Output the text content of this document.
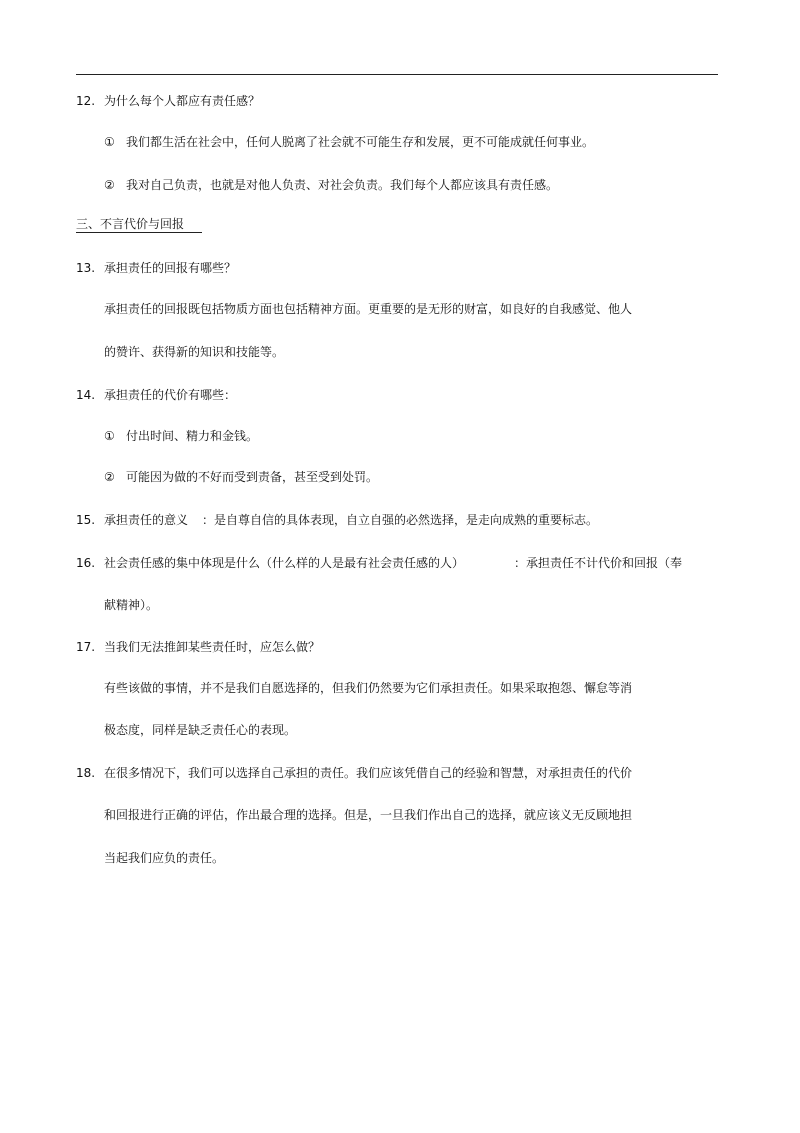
12. 为什么每个人都应有责任感？
① 我们都生活在社会中，任何人脱离了社会就不可能生存和发展，更不可能成就任何事业。
② 我对自己负责，也就是对他人负责、对社会负责。我们每个人都应该具有责任感。
三、不言代价与回报
13. 承担责任的回报有哪些？
承担责任的回报既包括物质方面也包括精神方面。更重要的是无形的财富，如良好的自我感觉、他人
的赞许、获得新的知识和技能等。
14. 承担责任的代价有哪些：
① 付出时间、精力和金钱。
② 可能因为做的不好而受到责备，甚至受到处罚。
15. 承担责任的意义 ：是自尊自信的具体表现，自立自强的必然选择，是走向成熟的重要标志。
16. 社会责任感的集中体现是什么（什么样的人是最有社会责任感的人）	：承担责任不计代价和回报（奉
献精神）。
17. 当我们无法推卸某些责任时，应怎么做？
有些该做的事情，并不是我们自愿选择的，但我们仍然要为它们承担责任。如果采取抱怨、懈怠等消
极态度，同样是缺乏责任心的表现。
18. 在很多情况下，我们可以选择自己承担的责任。我们应该凭借自己的经验和智慧，对承担责任的代价
和回报进行正确的评估，作出最合理的选择。但是，一旦我们作出自己的选择，就应该义无反顾地担
当起我们应负的责任。
